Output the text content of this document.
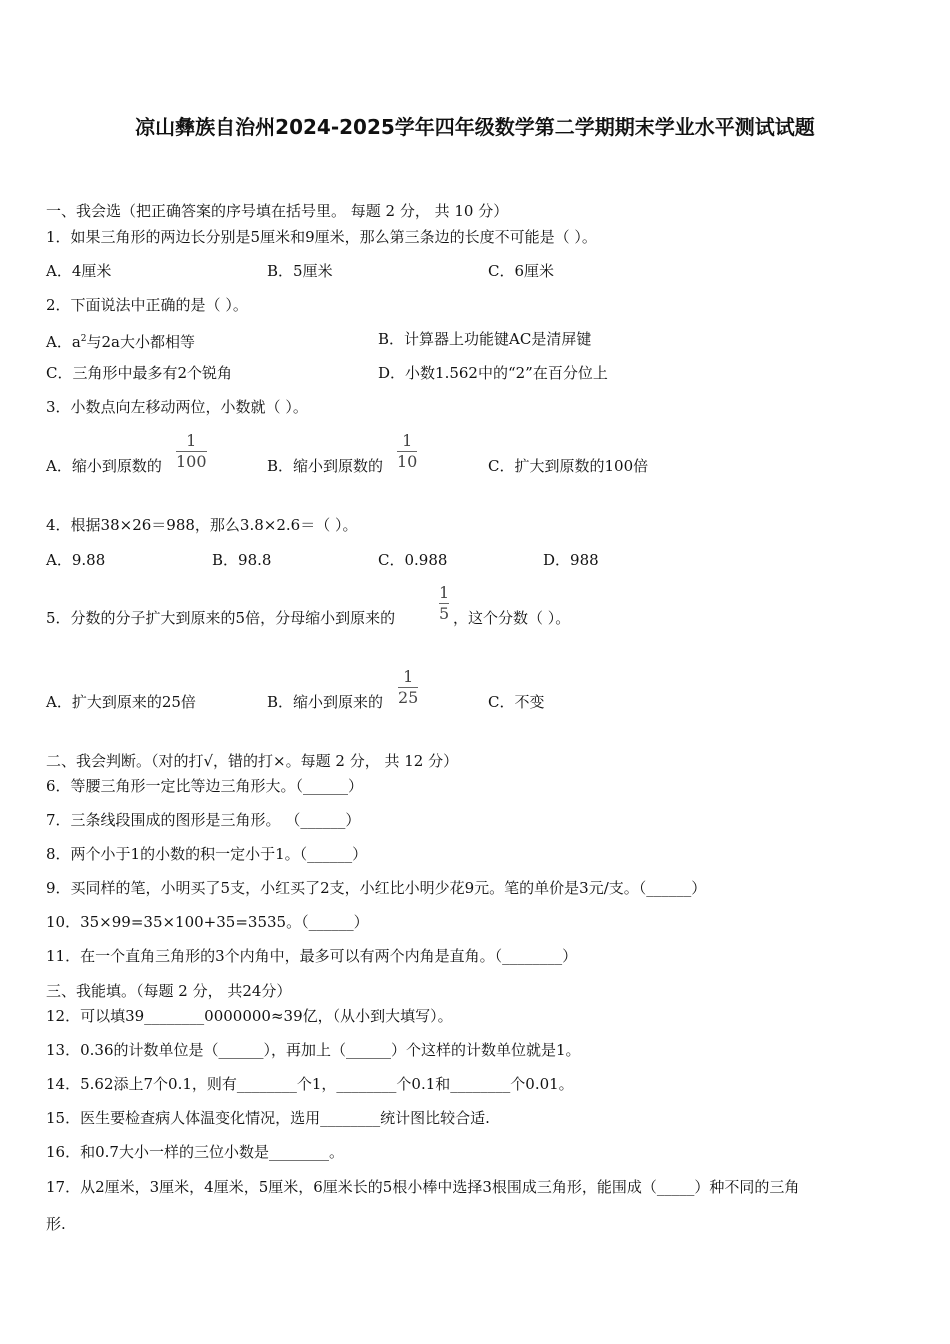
凉山彝族自治州2024-2025学年四年级数学第二学期期末学业水平测试试题
一、我会选（把正确答案的序号填在括号里。 每题 2 分， 共 10 分）
1．如果三角形的两边长分别是5厘米和9厘米，那么第三条边的长度不可能是（ ）。
A．4厘米	B．5厘米	C．6厘米
2．下面说法中正确的是（ ）。
A．$a^2$与2a大小都相等	B．计算器上功能键AC是清屏键
C．三角形中最多有2个锐角	D．小数1.562中的“2”在百分位上
3．小数点向左移动两位，小数就（ ）。
A．缩小到原数的
1
100	B．缩小到原数的
1
10	C．扩大到原数的100倍
4．根据38×26＝988，那么3.8×2.6＝（ ）。
A．9.88	B．98.8	C．0.988	D．988
5．分数的分子扩大到原来的5倍，分母缩小到原来的
1
5 ，这个分数（ ）。
A．扩大到原来的25倍	B．缩小到原来的
1
25	C．不变
二、我会判断。（对的打√，错的打×。每题 2 分， 共 12 分）
6．等腰三角形一定比等边三角形大。（______）
7．三条线段围成的图形是三角形。 （______）
8．两个小于1的小数的积一定小于1。（______）
9．买同样的笔，小明买了5支，小红买了2支，小红比小明少花9元。笔的单价是3元/支。（______）
10．35×99=35×100+35=3535。（______）
11．在一个直角三角形的3个内角中，最多可以有两个内角是直角。（________）
三、我能填。（每题 2 分， 共24分）
12．可以填39________0000000≈39亿，（从小到大填写）。
13．0.36的计数单位是（______），再加上（______）个这样的计数单位就是1。
14．5.62添上7个0.1，则有________个1，________个0.1和________个0.01。
15．医生要检查病人体温变化情况，选用________统计图比较合适.
16．和0.7大小一样的三位小数是________。
17．从2厘米，3厘米，4厘米，5厘米，6厘米长的5根小棒中选择3根围成三角形，能围成（_____）种不同的三角
形.
